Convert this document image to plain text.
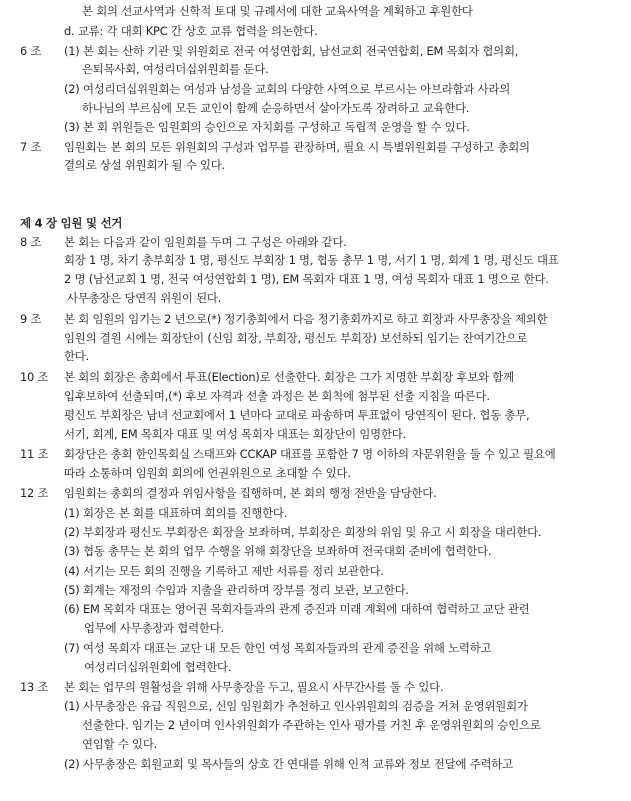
제 4 장 임원 및 선거
6 조
7 조
8 조
9 조
10 조
11 조
12 조
13 조
본 회의 선교사역과 신학적 토대 및 규례서에 대한 교육사역을 계획하고 후원한다
d. 교류: 각 대회 KPC 간 상호 교류 협력을 의논한다.
(1) 본 회는 산하 기관 및 위원회로 전국 여성연합회, 남선교회 전국연합회, EM 목회자 협의회,
은퇴목사회, 여성리더십위원회를 둔다.
(2) 여성리더십위원회는 여성과 남성을 교회의 다양한 사역으로 부르시는 아브라함과 사라의
하나님의 부르심에 모든 교인이 함께 순응하면서 살아가도록 장려하고 교육한다.
(3) 본 회 위원들은 임원회의 승인으로 자치회를 구성하고 독립적 운영을 할 수 있다.
임원회는 본 회의 모든 위원회의 구성과 업무를 관장하며, 필요 시 특별위원회를 구성하고 총회의
결의로 상설 위원회가 될 수 있다.
본 회는 다음과 같이 임원회를 두며 그 구성은 아래와 같다.
회장 1 명, 차기 총부회장 1 명, 평신도 부회장 1 명, 협동 총무 1 명, 서기 1 명, 회계 1 명, 평신도 대표
2 명 (남선교회 1 명, 전국 여성연합회 1 명), EM 목회자 대표 1 명, 여성 목회자 대표 1 명으로 한다.
사무총장은 당연직 위원이 된다.
본 회 임원의 임기는 2 년으로(*) 정기총회에서 다음 정기총회까지로 하고 회장과 사무총장을 제외한
임원의 결원 시에는 회장단이 (신임 회장, 부회장, 평신도 부회장) 보선하되 임기는 잔여기간으로
한다.
본 회의 회장은 총회에서 투표(Election)로 선출한다. 회장은 그가 지명한 부회장 후보와 함께
입후보하여 선출되며,(*) 후보 자격과 선출 과정은 본 회칙에 첨부된 선출 지침을 따른다.
평신도 부회장은 남녀 선교회에서 1 년마다 교대로 파송하며 투표없이 당연직이 된다. 협동 총무,
서기, 회계, EM 목회자 대표 및 여성 목회자 대표는 회장단이 임명한다.
회장단은 총회 한인목회실 스태프와 CCKAP 대표를 포함한 7 명 이하의 자문위원을 둘 수 있고 필요에
따라 소통하며 임원회 회의에 언권위원으로 초대할 수 있다.
임원회는 총회의 결정과 위임사항을 집행하며, 본 회의 행정 전반을 담당한다.
(1) 회장은 본 회를 대표하며 회의를 진행한다.
(2) 부회장과 평신도 부회장은 회장을 보좌하며, 부회장은 회장의 위임 및 유고 시 회장을 대리한다.
(3) 협동 총무는 본 회의 업무 수행을 위해 회장단을 보좌하며 전국대회 준비에 협력한다.
(4) 서기는 모든 회의 진행을 기록하고 제반 서류를 정리 보관한다.
(5) 회계는 재정의 수입과 지출을 관리하며 장부를 정리 보관, 보고한다.
(6) EM 목회자 대표는 영어권 목회자들과의 관계 증진과 미래 계획에 대하여 협력하고 교단 관련
업무에 사무총장과 협력한다.
(7) 여성 목회자 대표는 교단 내 모든 한인 여성 목회자들과의 관계 증진을 위해 노력하고
여성리더십위원회에 협력한다.
본 회는 업무의 원활성을 위해 사무총장을 두고, 필요시 사무간사를 둘 수 있다.
(1) 사무총장은 유급 직원으로, 신임 임원회가 추천하고 인사위원회의 검증을 거쳐 운영위원회가
선출한다. 임기는 2 년이며 인사위원회가 주관하는 인사 평가를 거친 후 운영위원회의 승인으로
연임할 수 있다.
(2) 사무총장은 회원교회 및 목사들의 상호 간 연대를 위해 인적 교류와 정보 전달에 주력하고
